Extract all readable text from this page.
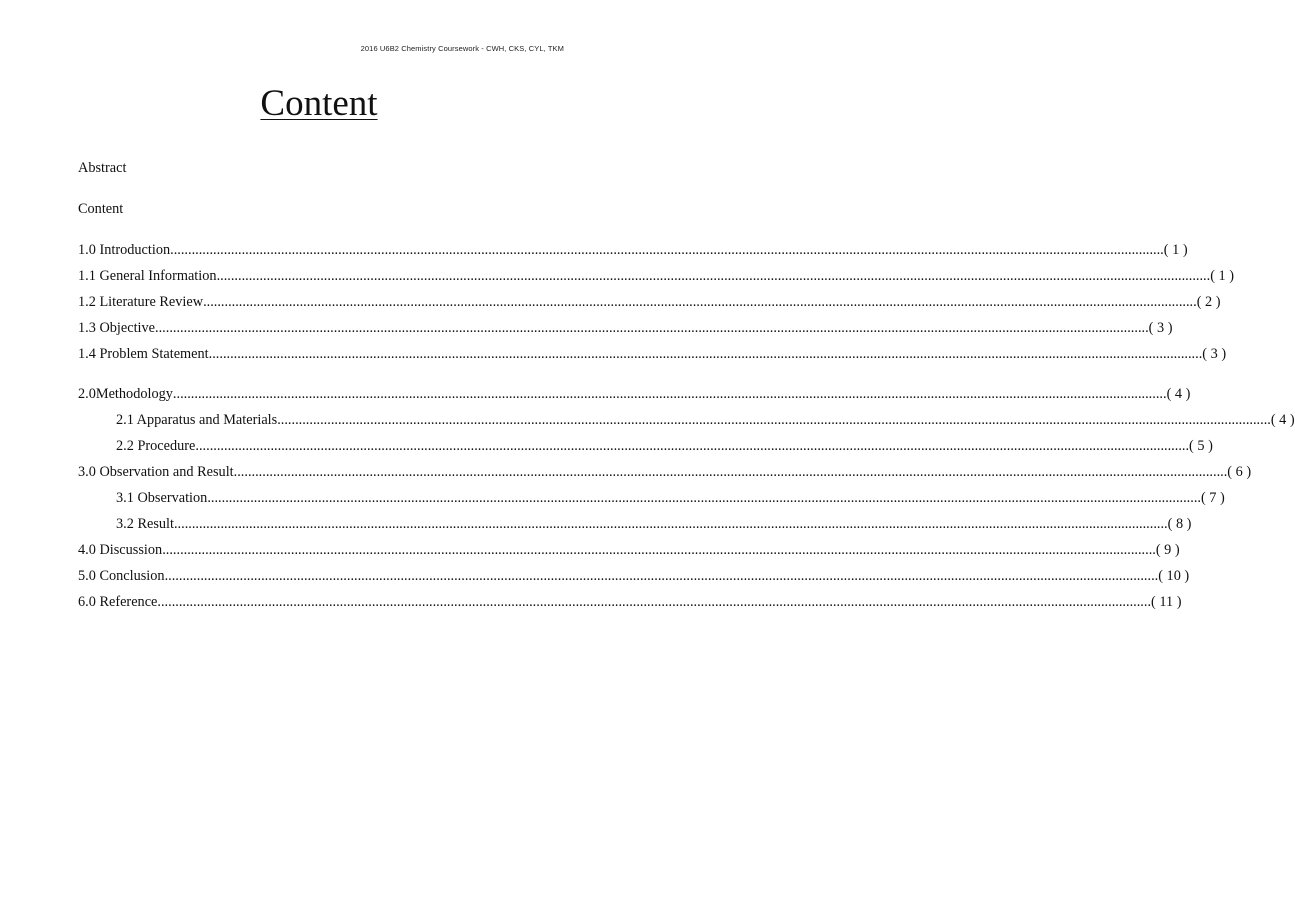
2016 U6B2 Chemistry Coursework - CWH, CKS, CYL, TKM
Content
Abstract
Content
1.0 Introduction ...................................................................................................................................................................................................................................................................................... ( 1 )
1.1 General Information ...................................................................................................................................................................................................................................................................................... ( 1 )
1.2 Literature Review ...................................................................................................................................................................................................................................................................................... ( 2 )
1.3 Objective ...................................................................................................................................................................................................................................................................................... ( 3 )
1.4 Problem Statement ...................................................................................................................................................................................................................................................................................... ( 3 )
2.0Methodology ...................................................................................................................................................................................................................................................................................... ( 4 )
2.1 Apparatus and Materials ...................................................................................................................................................................................................................................................................................... ( 4 )
2.2 Procedure ...................................................................................................................................................................................................................................................................................... ( 5 )
3.0 Observation and Result ...................................................................................................................................................................................................................................................................................... ( 6 )
3.1 Observation ...................................................................................................................................................................................................................................................................................... ( 7 )
3.2 Result ...................................................................................................................................................................................................................................................................................... ( 8 )
4.0 Discussion ...................................................................................................................................................................................................................................................................................... ( 9 )
5.0 Conclusion ...................................................................................................................................................................................................................................................................................... ( 10 )
6.0 Reference ...................................................................................................................................................................................................................................................................................... ( 11 )
